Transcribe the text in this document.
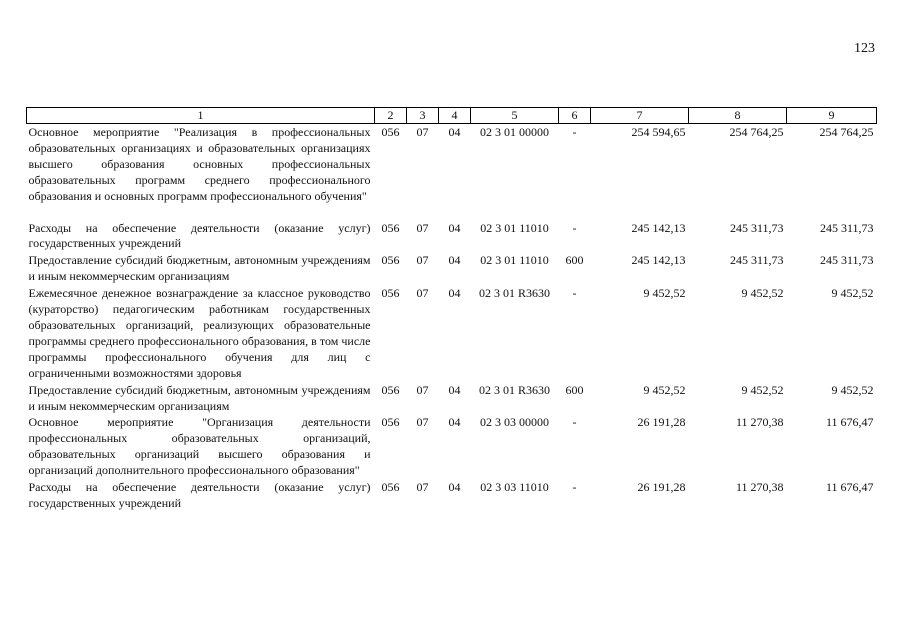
123
1	2	3	4	5	6	7	8	9
Основное мероприятие "Реализация в профессиональных образовательных организациях и образовательных организациях высшего образования основных профессиональных образовательных программ среднего профессионального образования и основных программ профессионального обучения"	056	07	04	02 3 01 00000	-	254 594,65	254 764,25	254 764,25

Расходы на обеспечение деятельности (оказание услуг) государственных учреждений	056	07	04	02 3 01 11010	-	245 142,13	245 311,73	245 311,73
Предоставление субсидий бюджетным, автономным учреждениям и иным некоммерческим организациям	056	07	04	02 3 01 11010	600	245 142,13	245 311,73	245 311,73
Ежемесячное денежное вознаграждение за классное руководство (кураторство) педагогическим работникам государственных образовательных организаций, реализующих образовательные программы среднего профессионального образования, в том числе программы профессионального обучения для лиц с ограниченными возможностями здоровья	056	07	04	02 3 01 R3630	-	9 452,52	9 452,52	9 452,52
Предоставление субсидий бюджетным, автономным учреждениям и иным некоммерческим организациям	056	07	04	02 3 01 R3630	600	9 452,52	9 452,52	9 452,52
Основное мероприятие "Организация деятельности профессиональных образовательных организаций, образовательных организаций высшего образования и организаций дополнительного профессионального образования"	056	07	04	02 3 03 00000	-	26 191,28	11 270,38	11 676,47
Расходы на обеспечение деятельности (оказание услуг) государственных учреждений	056	07	04	02 3 03 11010	-	26 191,28	11 270,38	11 676,47
